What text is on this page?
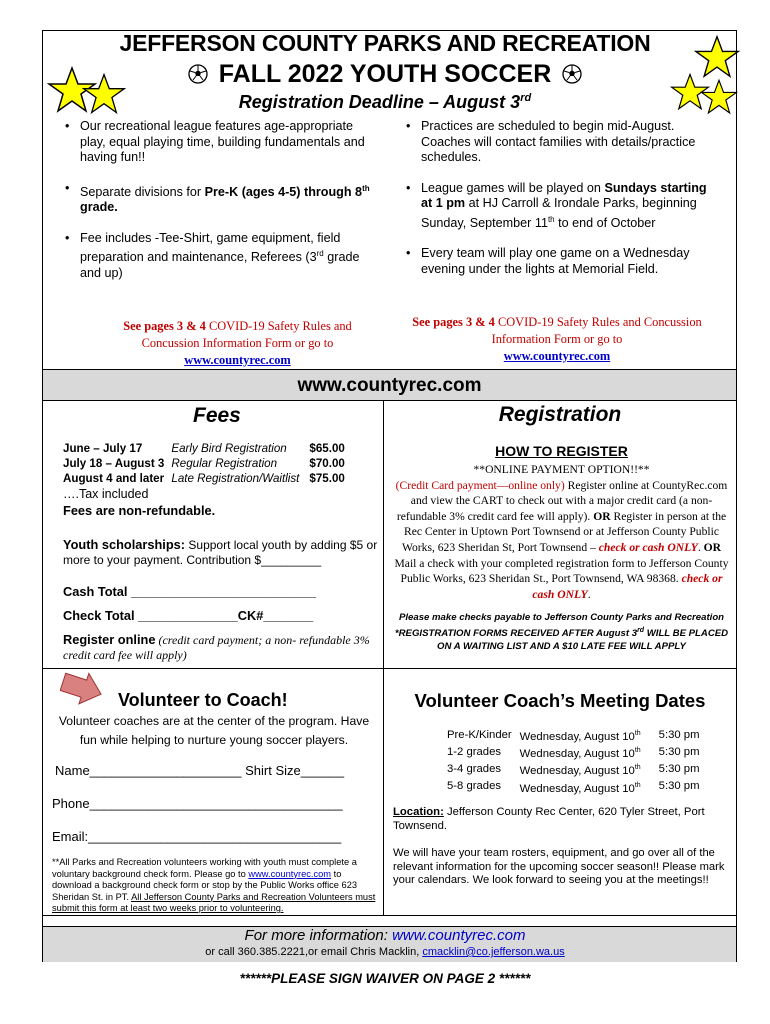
JEFFERSON COUNTY PARKS AND RECREATION
FALL 2022 YOUTH SOCCER
Registration Deadline – August 3rd
• Our recreational league features age-appropriate play, equal playing time, building fundamentals and having fun!!
• Separate divisions for Pre-K (ages 4-5) through 8th grade.
• Fee includes -Tee-Shirt, game equipment, field preparation and maintenance, Referees (3rd grade and up)
• Practices are scheduled to begin mid-August. Coaches will contact families with details/practice schedules.
• League games will be played on Sundays starting at 1 pm at HJ Carroll & Irondale Parks, beginning Sunday, September 11th to end of October
• Every team will play one game on a Wednesday evening under the lights at Memorial Field.
See pages 3 & 4 COVID-19 Safety Rules and Concussion Information Form or go to
www.countyrec.com
See pages 3 & 4 COVID-19 Safety Rules and Concussion Information Form or go to
www.countyrec.com
www.countyrec.com
Fees
June – July 17	Early Bird Registration	$65.00
July 18 – August 3	Regular Registration	$70.00
August 4 and later	Late Registration/Waitlist	$75.00
….Tax included
Fees are non-refundable.
Youth scholarships: Support local youth by adding $5 or more to your payment. Contribution $_________
Cash Total __________________________
Check Total ______________CK#_______
Register online (credit card payment; a non- refundable 3% credit card fee will apply)
Registration
HOW TO REGISTER
**ONLINE PAYMENT OPTION!!**
(Credit Card payment—online only) Register online at CountyRec.com and view the CART to check out with a major credit card (a non- refundable 3% credit card fee will apply). OR Register in person at the Rec Center in Uptown Port Townsend or at Jefferson County Public Works, 623 Sheridan St, Port Townsend – check or cash ONLY. OR Mail a check with your completed registration form to Jefferson County Public Works, 623 Sheridan St., Port Townsend, WA 98368. check or cash ONLY.
Please make checks payable to Jefferson County Parks and Recreation
*REGISTRATION FORMS RECEIVED AFTER August 3rd WILL BE PLACED ON A WAITING LIST AND A $10 LATE FEE WILL APPLY
Volunteer to Coach!
Volunteer coaches are at the center of the program. Have fun while helping to nurture young soccer players.
Name_____________________ Shirt Size______
Phone___________________________________
Email:___________________________________
**All Parks and Recreation volunteers working with youth must complete a voluntary background check form. Please go to www.countyrec.com to download a background check form or stop by the Public Works office 623 Sheridan St. in PT. All Jefferson County Parks and Recreation Volunteers must submit this form at least two weeks prior to volunteering.
Volunteer Coach’s Meeting Dates
Pre-K/Kinder	Wednesday, August 10th	5:30 pm
1-2 grades	Wednesday, August 10th	5:30 pm
3-4 grades	Wednesday, August 10th	5:30 pm
5-8 grades	Wednesday, August 10th	5:30 pm
Location: Jefferson County Rec Center, 620 Tyler Street, Port Townsend.
We will have your team rosters, equipment, and go over all of the relevant information for the upcoming soccer season!! Please mark your calendars. We look forward to seeing you at the meetings!!
For more information: www.countyrec.com
or call 360.385.2221,or email Chris Macklin, cmacklin@co.jefferson.wa.us
******PLEASE SIGN WAIVER ON PAGE 2 ******
